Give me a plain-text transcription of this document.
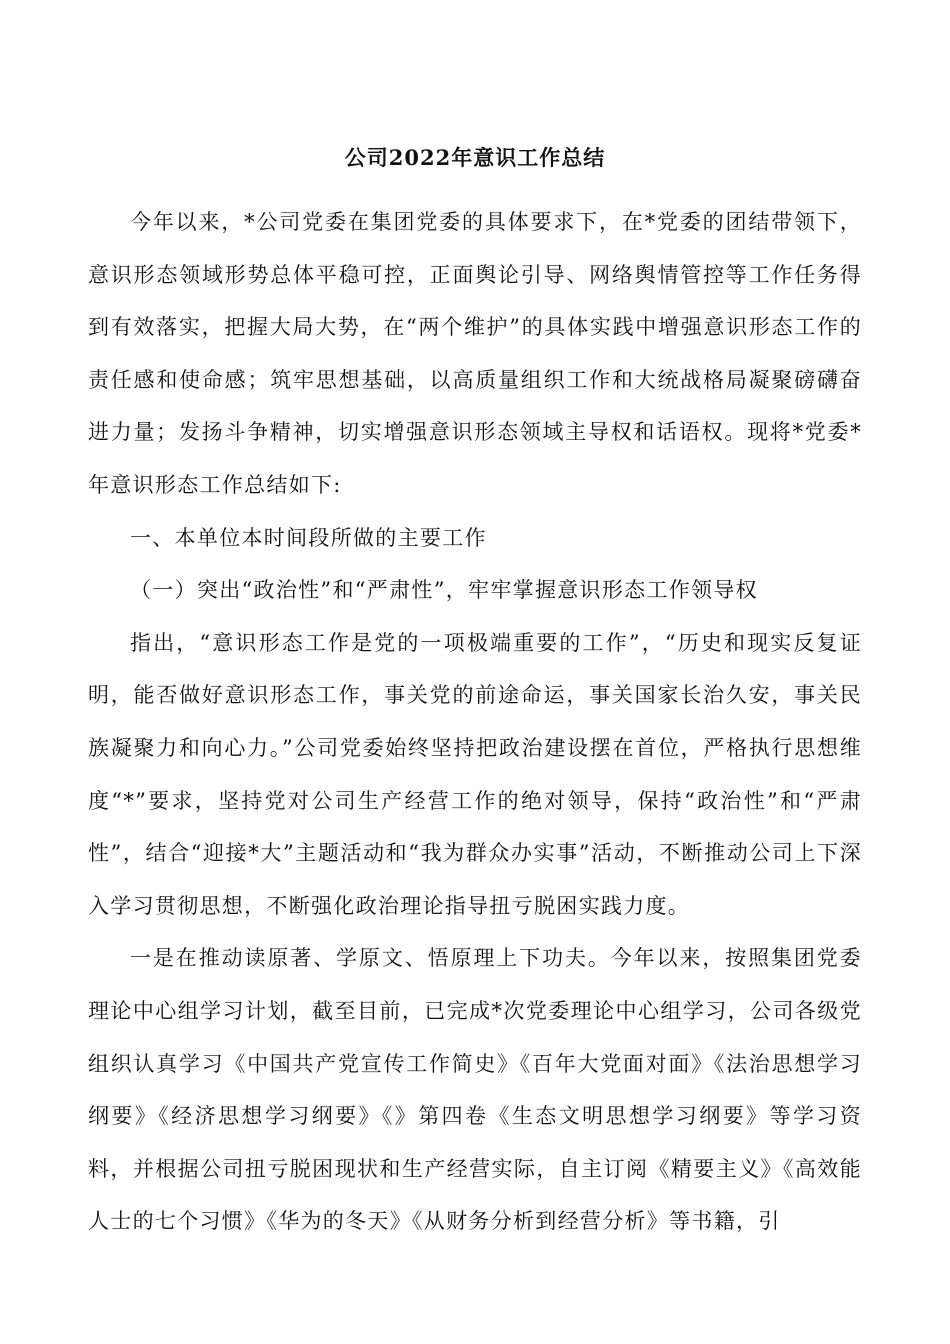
公司2022年意识工作总结

今年以来，*公司党委在集团党委的具体要求下，在*党委的团结带领下，意识形态领域形势总体平稳可控，正面舆论引导、网络舆情管控等工作任务得到有效落实，把握大局大势，在“两个维护”的具体实践中增强意识形态工作的责任感和使命感；筑牢思想基础，以高质量组织工作和大统战格局凝聚磅礴奋进力量；发扬斗争精神，切实增强意识形态领域主导权和话语权。现将*党委*年意识形态工作总结如下:

一、本单位本时间段所做的主要工作

（一）突出“政治性”和“严肃性”，牢牢掌握意识形态工作领导权

指出，“意识形态工作是党的一项极端重要的工作”，“历史和现实反复证明，能否做好意识形态工作，事关党的前途命运，事关国家长治久安，事关民族凝聚力和向心力。”公司党委始终坚持把政治建设摆在首位，严格执行思想维度“*”要求，坚持党对公司生产经营工作的绝对领导，保持“政治性”和“严肃性”，结合“迎接*大”主题活动和“我为群众办实事”活动，不断推动公司上下深入学习贯彻思想，不断强化政治理论指导扭亏脱困实践力度。

一是在推动读原著、学原文、悟原理上下功夫。今年以来，按照集团党委理论中心组学习计划，截至目前，已完成*次党委理论中心组学习，公司各级党组织认真学习《中国共产党宣传工作简史》《百年大党面对面》《法治思想学习纲要》《经济思想学习纲要》《》第四卷《生态文明思想学习纲要》等学习资料，并根据公司扭亏脱困现状和生产经营实际，自主订阅《精要主义》《高效能人士的七个习惯》《华为的冬天》《从财务分析到经营分析》等书籍，引
